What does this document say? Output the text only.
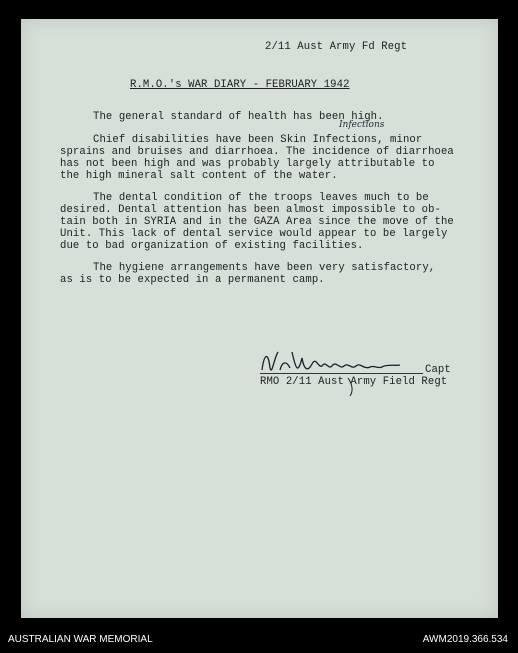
2/11 Aust Army Fd Regt
R.M.O.'s WAR DIARY - FEBRUARY 1942
The general standard of health has been high.
Infections
Chief disabilities have been Skin Infections, minor
sprains and bruises and diarrhoea. The incidence of diarrhoea
has not been high and was probably largely attributable to
the high mineral salt content of the water.
The dental condition of the troops leaves much to be
desired. Dental attention has been almost impossible to ob-
tain both in SYRIA and in the GAZA Area since the move of the
Unit. This lack of dental service would appear to be largely
due to bad organization of existing facilities.
The hygiene arrangements have been very satisfactory,
as is to be expected in a permanent camp.
Capt
RMO 2/11 Aust Army Field Regt
AUSTRALIAN WAR MEMORIAL	AWM2019.366.534
